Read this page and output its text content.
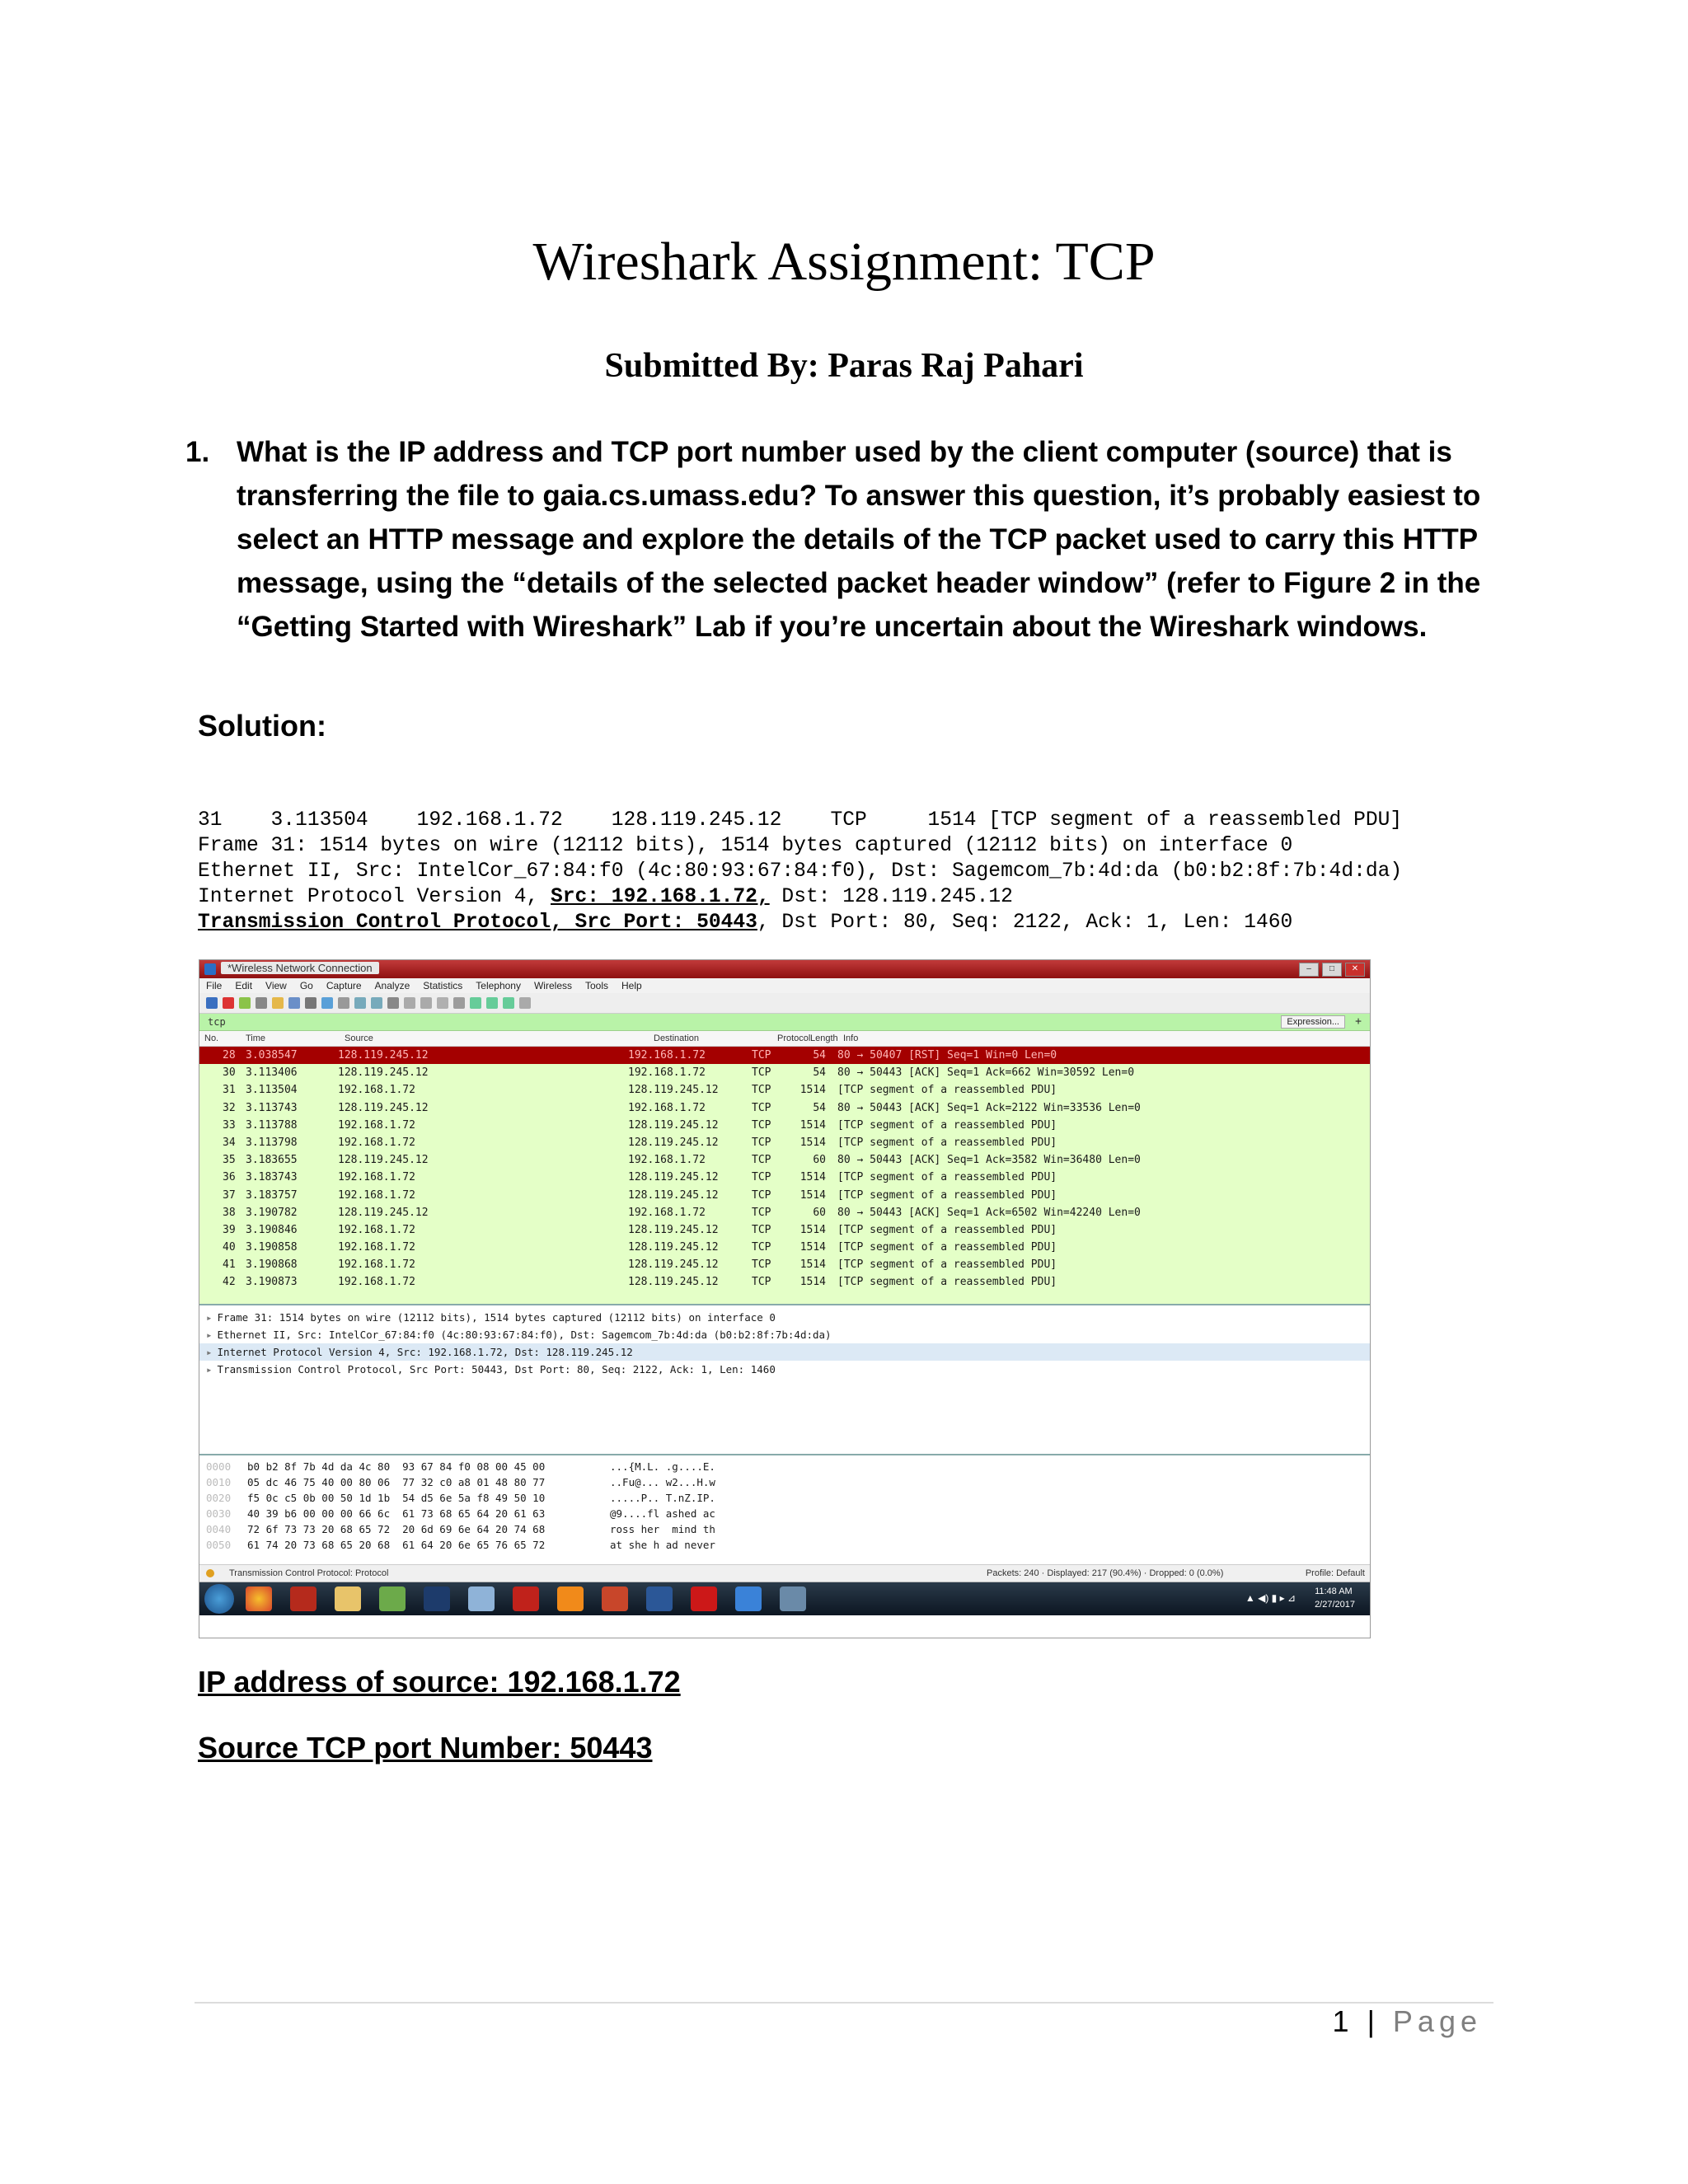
Wireshark Assignment: TCP
Submitted By: Paras Raj Pahari
1. What is the IP address and TCP port number used by the client computer (source) that is
transferring the file to gaia.cs.umass.edu? To answer this question, it’s probably easiest to
select an HTTP message and explore the details of the TCP packet used to carry this HTTP
message, using the “details of the selected packet header window” (refer to Figure 2 in the
“Getting Started with Wireshark” Lab if you’re uncertain about the Wireshark windows.
Solution:
31    3.113504    192.168.1.72    128.119.245.12    TCP     1514 [TCP segment of a reassembled PDU]
Frame 31: 1514 bytes on wire (12112 bits), 1514 bytes captured (12112 bits) on interface 0
Ethernet II, Src: IntelCor_67:84:f0 (4c:80:93:67:84:f0), Dst: Sagemcom_7b:4d:da (b0:b2:8f:7b:4d:da)
Internet Protocol Version 4, Src: 192.168.1.72, Dst: 128.119.245.12
Transmission Control Protocol, Src Port: 50443, Dst Port: 80, Seq: 2122, Ack: 1, Len: 1460
*Wireless Network Connection	–	□	✕
File Edit View Go Capture Analyze Statistics Telephony Wireless Tools Help
tcp	Expression...	+
No.	Time	Source	Destination	Protocol Length Info
28 3.038547	128.119.245.12	192.168.1.72	TCP	54	80 → 50407 [RST] Seq=1 Win=0 Len=0
30 3.113406	128.119.245.12	192.168.1.72	TCP	54	80 → 50443 [ACK] Seq=1 Ack=662 Win=30592 Len=0
31 3.113504	192.168.1.72	128.119.245.12	TCP	1514	[TCP segment of a reassembled PDU]
32 3.113743	128.119.245.12	192.168.1.72	TCP	54	80 → 50443 [ACK] Seq=1 Ack=2122 Win=33536 Len=0
33 3.113788	192.168.1.72	128.119.245.12	TCP	1514	[TCP segment of a reassembled PDU]
34 3.113798	192.168.1.72	128.119.245.12	TCP	1514	[TCP segment of a reassembled PDU]
35 3.183655	128.119.245.12	192.168.1.72	TCP	60	80 → 50443 [ACK] Seq=1 Ack=3582 Win=36480 Len=0
36 3.183743	192.168.1.72	128.119.245.12	TCP	1514	[TCP segment of a reassembled PDU]
37 3.183757	192.168.1.72	128.119.245.12	TCP	1514	[TCP segment of a reassembled PDU]
38 3.190782	128.119.245.12	192.168.1.72	TCP	60	80 → 50443 [ACK] Seq=1 Ack=6502 Win=42240 Len=0
39 3.190846	192.168.1.72	128.119.245.12	TCP	1514	[TCP segment of a reassembled PDU]
40 3.190858	192.168.1.72	128.119.245.12	TCP	1514	[TCP segment of a reassembled PDU]
41 3.190868	192.168.1.72	128.119.245.12	TCP	1514	[TCP segment of a reassembled PDU]
42 3.190873	192.168.1.72	128.119.245.12	TCP	1514	[TCP segment of a reassembled PDU]
▸ Frame 31: 1514 bytes on wire (12112 bits), 1514 bytes captured (12112 bits) on interface 0
▸ Ethernet II, Src: IntelCor_67:84:f0 (4c:80:93:67:84:f0), Dst: Sagemcom_7b:4d:da (b0:b2:8f:7b:4d:da)
▸ Internet Protocol Version 4, Src: 192.168.1.72, Dst: 128.119.245.12
▸ Transmission Control Protocol, Src Port: 50443, Dst Port: 80, Seq: 2122, Ack: 1, Len: 1460
0000 b0 b2 8f 7b 4d da 4c 80  93 67 84 f0 08 00 45 00	...{M.L. .g....E.
0010 05 dc 46 75 40 00 80 06  77 32 c0 a8 01 48 80 77	..Fu@... w2...H.w
0020 f5 0c c5 0b 00 50 1d 1b  54 d5 6e 5a f8 49 50 10	.....P.. T.nZ.IP.
0030 40 39 b6 00 00 00 66 6c  61 73 68 65 64 20 61 63	@9....fl ashed ac
0040 72 6f 73 73 20 68 65 72  20 6d 69 6e 64 20 74 68	ross her  mind th
0050 61 74 20 73 68 65 20 68  61 64 20 6e 65 76 65 72	at she h ad never
Transmission Control Protocol: Protocol	Packets: 240 · Displayed: 217 (90.4%) · Dropped: 0 (0.0%)	Profile: Default
▲ ◀) ▮ ▸ ⊿
11:48 AM
2/27/2017
IP address of source: 192.168.1.72
Source TCP port Number: 50443
1 | Page
